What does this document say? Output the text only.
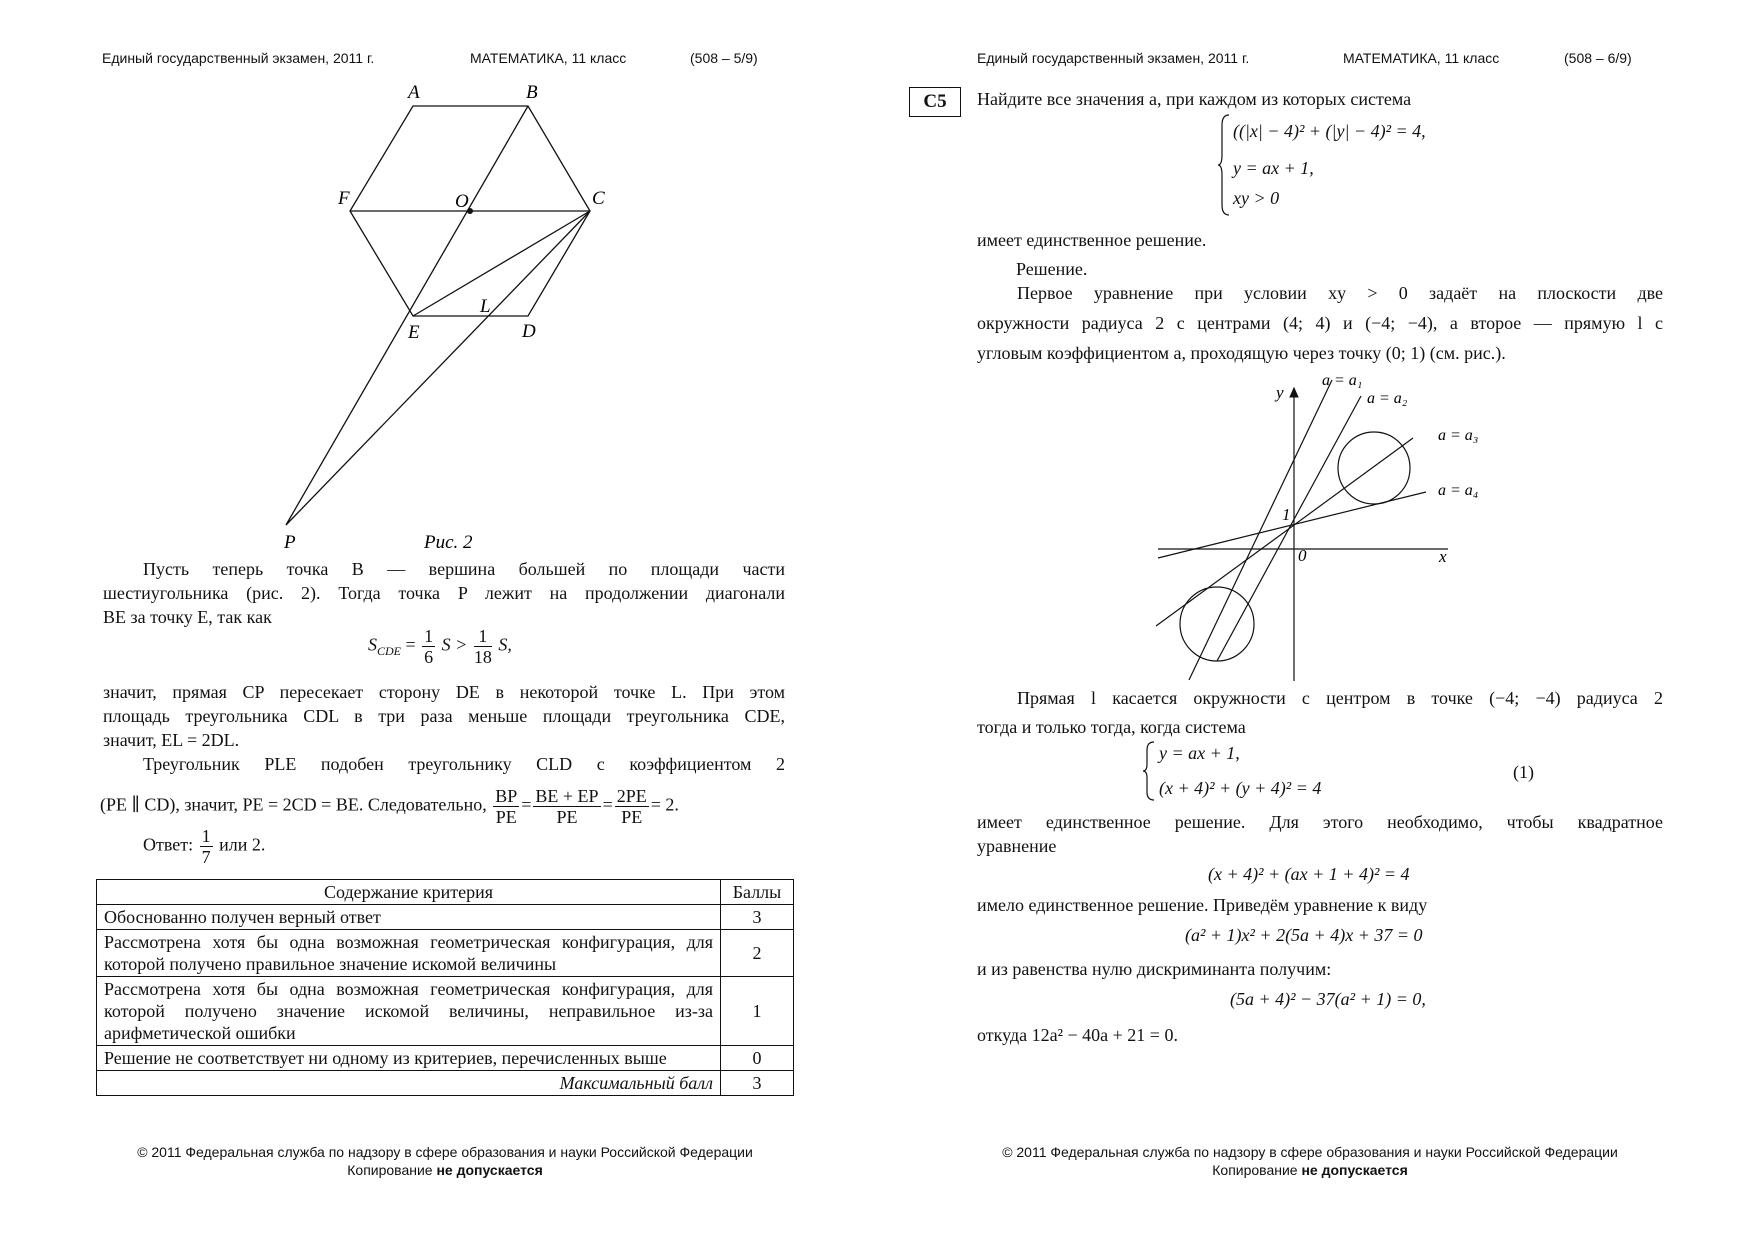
Единый государственный экзамен, 2011 г.	МАТЕМАТИКА, 11 класс	(508 – 5/9)
A	B
C
F	O
L
E	D
P	Рис. 2
Пусть теперь точка B — вершина большей по площади части
шестиугольника (рис. 2). Тогда точка P лежит на продолжении диагонали
BE за точку E, так как
$S_{CDE} = \frac{1}{6}$ $S > \frac{1}{18} S$,
значит, прямая CP пересекает сторону DE в некоторой точке L. При этом
площадь треугольника CDL в три раза меньше площади треугольника CDE,
значит, EL = 2DL.
Треугольник PLE подобен треугольнику CLD с коэффициентом 2
(PE ∥ CD), значит, PE = 2CD = BE. Следовательно, $\frac{BP}{PE} = \frac{BE + EP}{PE} = \frac{2PE}{PE} = 2$.
Ответ: $\frac{1}{7}$ или 2.
Содержание критерия	Баллы
Обоснованно получен верный ответ	3
Рассмотрена хотя бы одна возможная геометрическая конфигурация, для которой получено правильное значение искомой величины	2
Рассмотрена хотя бы одна возможная геометрическая конфигурация, для которой получено значение искомой величины, неправильное из-за арифметической ошибки	1
Решение не соответствует ни одному из критериев, перечисленных выше	0
Максимальный балл	3
© 2011 Федеральная служба по надзору в сфере образования и науки Российской Федерации
Копирование не допускается
Единый государственный экзамен, 2011 г.	МАТЕМАТИКА, 11 класс	(508 – 6/9)
C5	Найдите все значения a, при каждом из которых система
((|x| − 4)² + (|y| − 4)² = 4,
y = ax + 1,
xy > 0
имеет единственное решение.
Решение.
Первое уравнение при условии xy > 0 задаёт на плоскости две
окружности радиуса 2 с центрами (4; 4) и (−4; −4), а второе — прямую l с
угловым коэффициентом a, проходящую через точку (0; 1) (см. рис.).
a = a₁
a = a₂
a = a₃
a = a₄
y
x
1
0
Прямая l касается окружности с центром в точке (−4; −4) радиуса 2
тогда и только тогда, когда система
y = ax + 1,
(x + 4)² + (y + 4)² = 4
(1)
имеет единственное решение. Для этого необходимо, чтобы квадратное
уравнение
(x + 4)² + (ax + 1 + 4)² = 4
имело единственное решение. Приведём уравнение к виду
(a² + 1)x² + 2(5a + 4)x + 37 = 0
и из равенства нулю дискриминанта получим:
(5a + 4)² − 37(a² + 1) = 0,
откуда 12a² − 40a + 21 = 0.
© 2011 Федеральная служба по надзору в сфере образования и науки Российской Федерации
Копирование не допускается
